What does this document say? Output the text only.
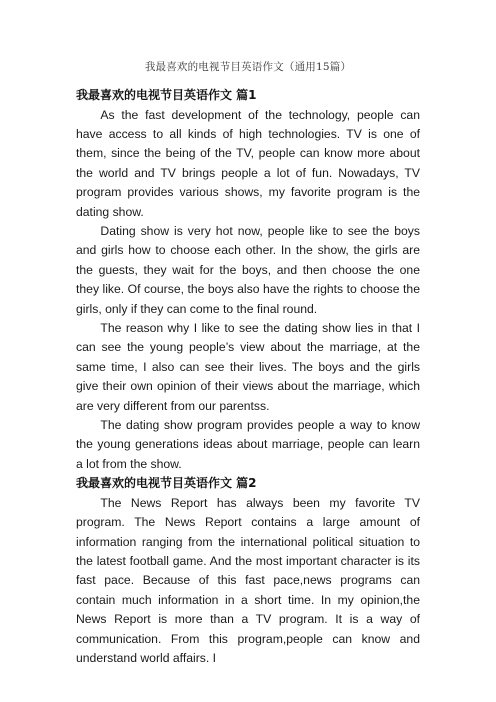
我最喜欢的电视节目英语作文（通用15篇）
我最喜欢的电视节目英语作文 篇1

As the fast development of the technology, people can have access to all kinds of high technologies. TV is one of them, since the being of the TV, people can know more about the world and TV brings people a lot of fun. Nowadays, TV program provides various shows, my favorite program is the dating show.

Dating show is very hot now, people like to see the boys and girls how to choose each other. In the show, the girls are the guests, they wait for the boys, and then choose the one they like. Of course, the boys also have the rights to choose the girls, only if they can come to the final round.

The reason why I like to see the dating show lies in that I can see the young people’s view about the marriage, at the same time, I also can see their lives. The boys and the girls give their own opinion of their views about the marriage, which are very different from our parentss.

The dating show program provides people a way to know the young generations ideas about marriage, people can learn a lot from the show.

我最喜欢的电视节目英语作文 篇2

The News Report has always been my favorite TV program. The News Report contains a large amount of information ranging from the international political situation to the latest football game. And the most important character is its fast pace. Because of this fast pace,news programs can contain much information in a short time. In my opinion,the News Report is more than a TV program. It is a way of communication. From this program,people can know and understand world affairs. I
